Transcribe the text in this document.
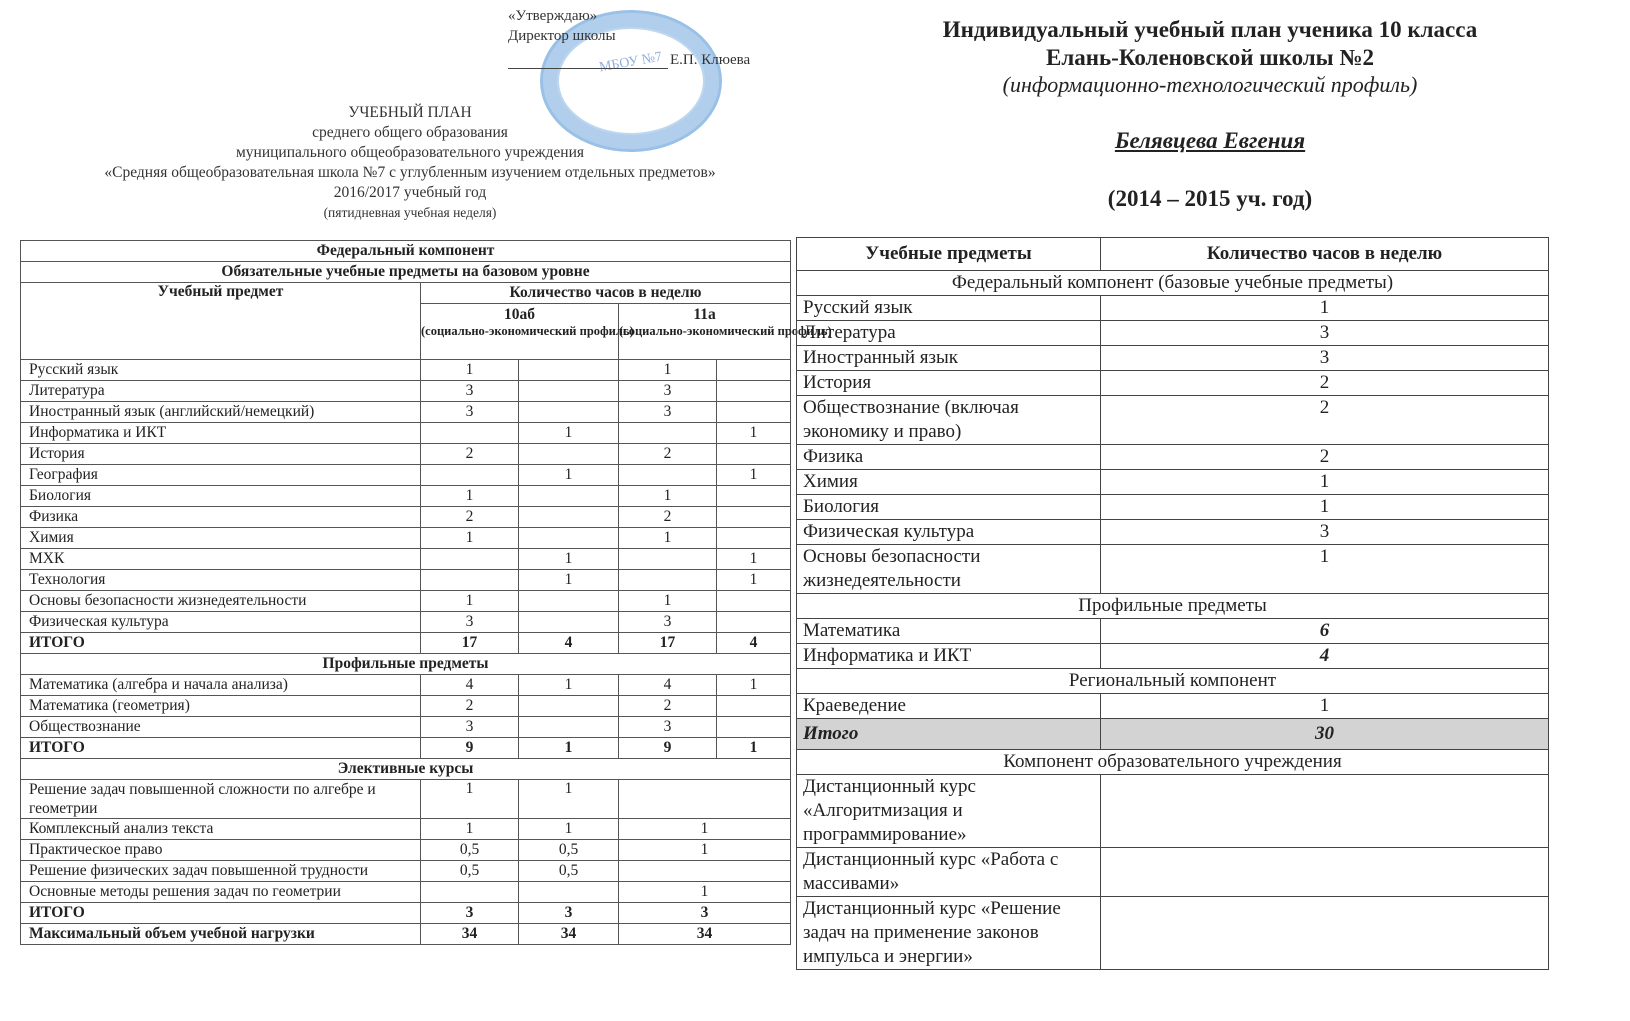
МБОУ №7
«Утверждаю»
Директор школы
Е.П. Клюева
УЧЕБНЫЙ ПЛАН
среднего общего образования
муниципального общеобразовательного учреждения
«Средняя общеобразовательная школа №7 с углубленным изучением отдельных предметов»
2016/2017 учебный год
(пятидневная учебная неделя)
Федеральный компонент				
Обязательные учебные предметы на базовом уровне				
Учебный предмет	Количество часов в неделю			
	10аб
(социально-экономический профиль)		11а
(социально-экономический профиль)	

Русский язык	1		1	
Литература	3		3	
Иностранный язык (английский/немецкий)	3		3	
Информатика и ИКТ		1		1
История	2		2	
География		1		1
Биология	1		1	
Физика	2		2	
Химия	1		1	
МХК		1		1
Технология		1		1
Основы безопасности жизнедеятельности	1		1	
Физическая культура	3		3	
ИТОГО	17	4	17	4
Профильные предметы				
Математика (алгебра и начала анализа)	4	1	4	1
Математика (геометрия)	2		2	
Обществознание	3		3	
ИТОГО	9	1	9	1
Элективные курсы				
Решение задач повышенной сложности по алгебре и геометрии	1	1		
Комплексный анализ текста	1	1	1	
Практическое право	0,5	0,5	1	
Решение физических задач повышенной трудности	0,5	0,5		
Основные методы решения задач по геометрии			1	
ИТОГО	3	3	3	
Максимальный объем учебной нагрузки	34	34	34	
Индивидуальный учебный план ученика 10 класса
Елань-Коленовской школы №2
(информационно-технологический профиль)
Белявцева Евгения
(2014 – 2015 уч. год)
Учебные предметы	Количество часов в неделю
Федеральный компонент (базовые учебные предметы)	
Русский язык	1
Литература	3
Иностранный язык	3
История	2
Обществознание (включая экономику и право)	2
Физика	2
Химия	1
Биология	1
Физическая культура	3
Основы безопасности жизнедеятельности	1
Профильные предметы	
Математика	6
Информатика и ИКТ	4
Региональный компонент	
Краеведение	1
Итого	30
Компонент образовательного учреждения	
Дистанционный курс «Алгоритмизация и программирование»	
Дистанционный курс «Работа с массивами»	
Дистанционный курс «Решение задач на применение законов импульса и энергии»	
